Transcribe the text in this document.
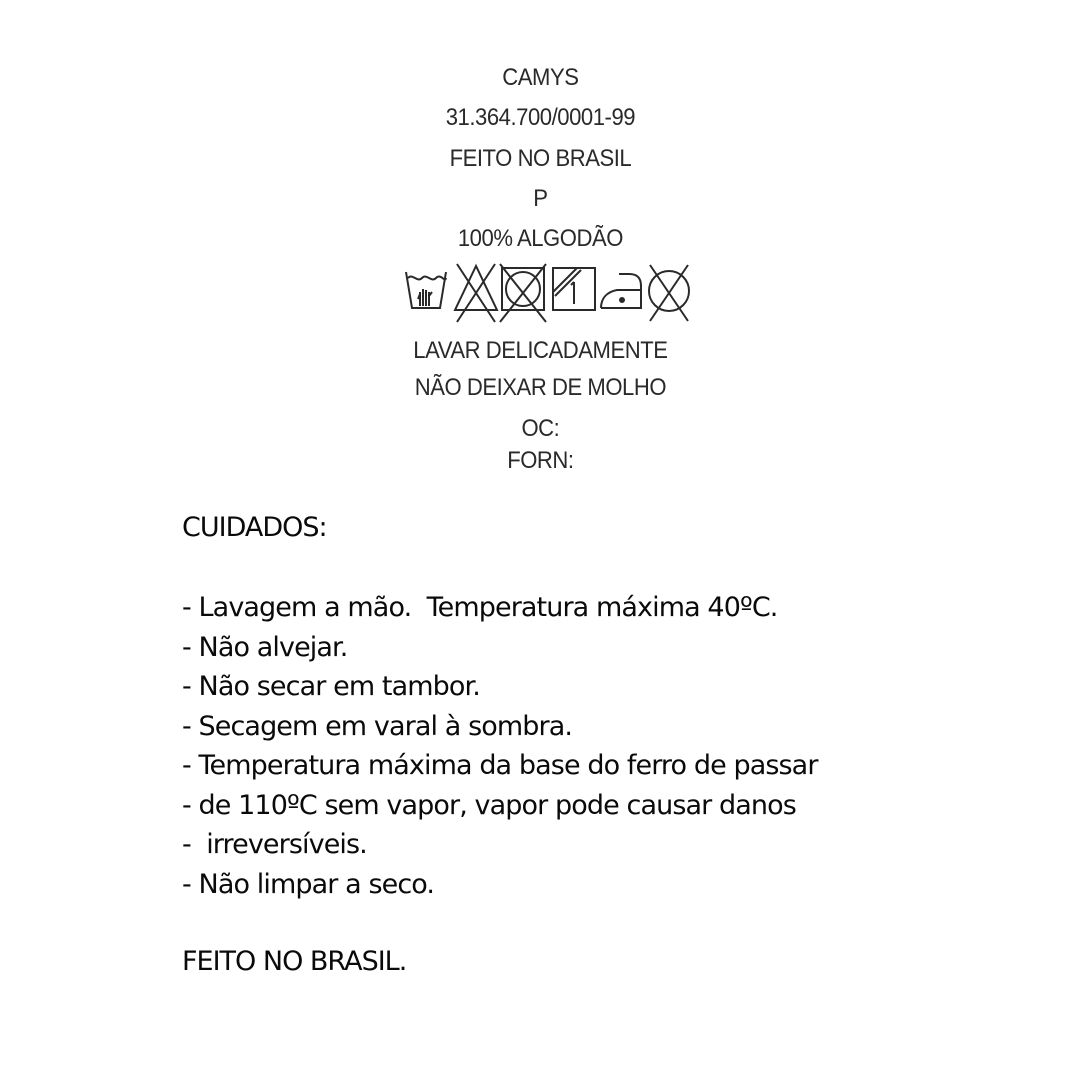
CAMYS
31.364.700/0001-99
FEITO NO BRASIL
P
100% ALGODÃO
LAVAR DELICADAMENTE
NÃO DEIXAR DE MOLHO
OC:
FORN:
CUIDADOS:
- Lavagem a mão.  Temperatura máxima 40ºC.
- Não alvejar.
- Não secar em tambor.
- Secagem em varal à sombra.
- Temperatura máxima da base do ferro de passar
- de 110ºC sem vapor, vapor pode causar danos
-  irreversíveis.
- Não limpar a seco.
FEITO NO BRASIL.
